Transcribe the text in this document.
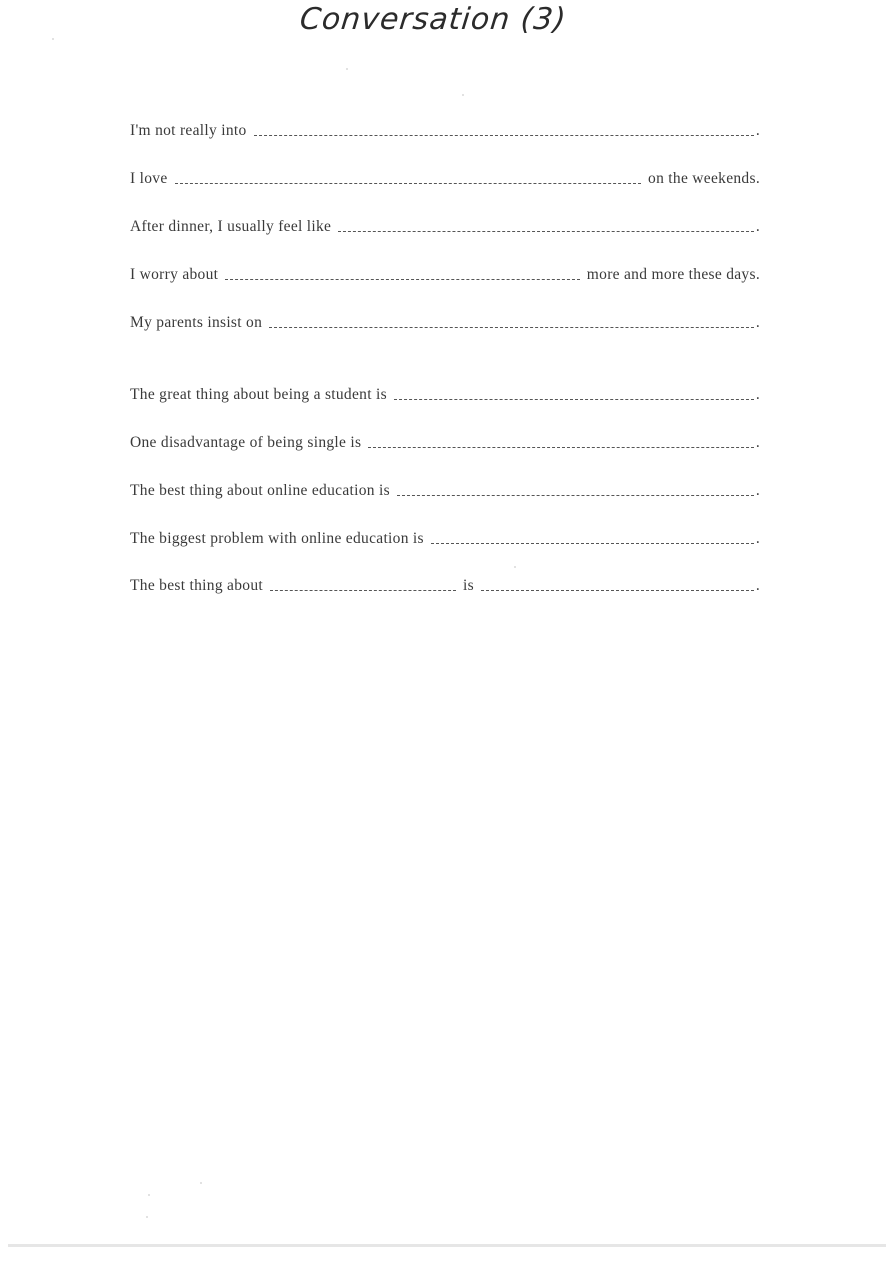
Conversation (3)
I'm not really into	.
I love	on the weekends.
After dinner, I usually feel like	.
I worry about	more and more these days.
My parents insist on	.
The great thing about being a student is	.
One disadvantage of being single is	.
The best thing about online education is	.
The biggest problem with online education is	.
The best thing about	is	.
